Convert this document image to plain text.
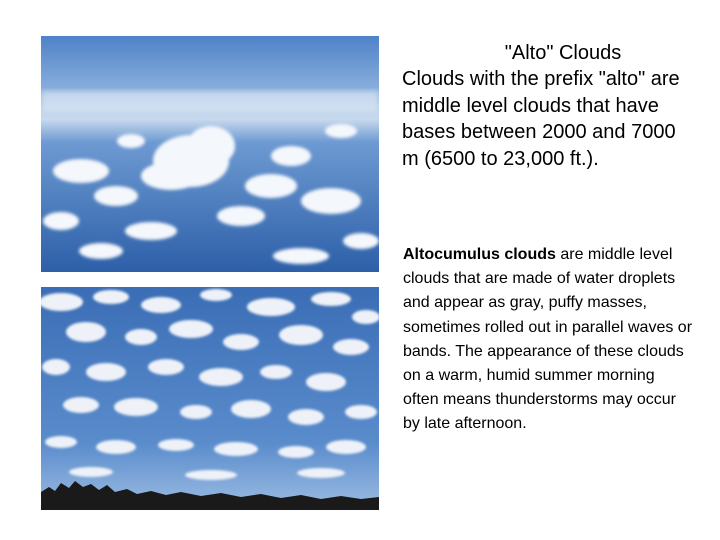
"Alto" Clouds
Clouds with the prefix "alto" are middle level clouds that have bases between 2000 and 7000 m (6500 to 23,000 ft.).
Altocumulus clouds are middle level clouds that are made of water droplets and appear as gray, puffy masses, sometimes rolled out in parallel waves or bands. The appearance of these clouds on a warm, humid summer morning often means thunderstorms may occur by late afternoon.
